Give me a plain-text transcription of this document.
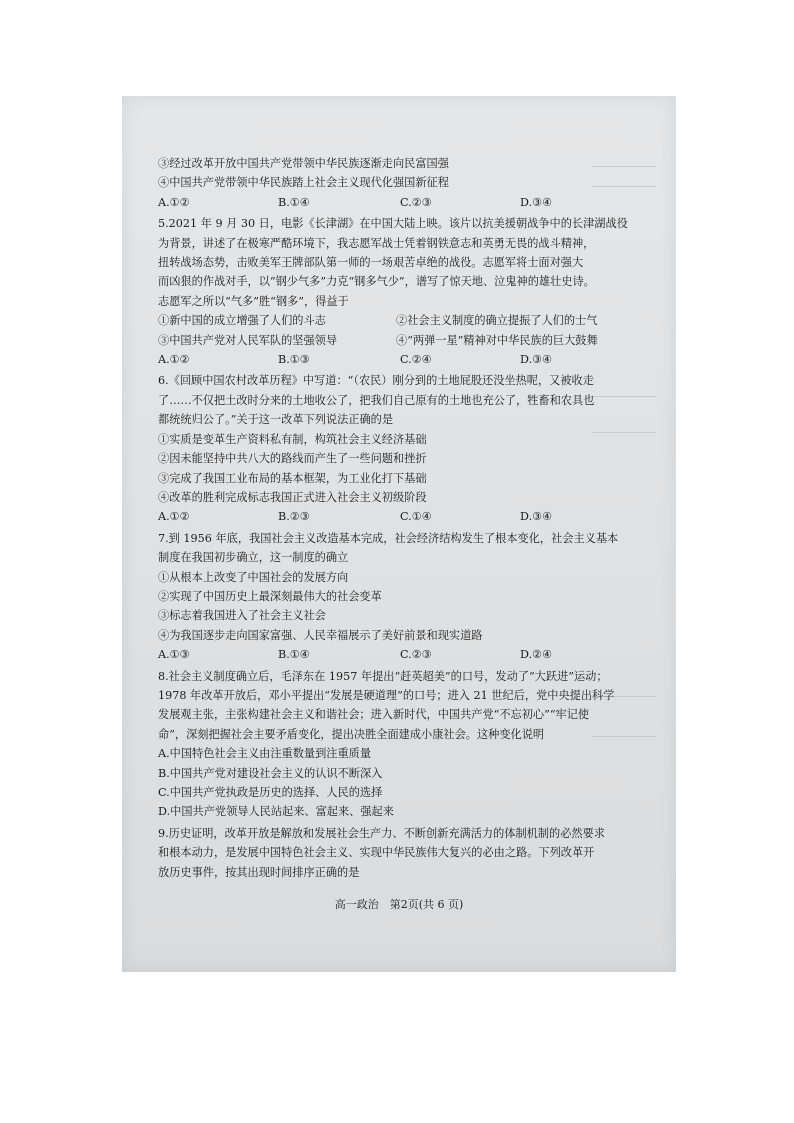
③经过改革开放中国共产党带领中华民族逐渐走向民富国强
④中国共产党带领中华民族踏上社会主义现代化强国新征程
A.①②	B.①④	C.②③	D.③④
5.2021 年 9 月 30 日，电影《长津湖》在中国大陆上映。该片以抗美援朝战争中的长津湖战役
为背景，讲述了在极寒严酷环境下，我志愿军战士凭着钢铁意志和英勇无畏的战斗精神，
扭转战场态势，击败美军王牌部队第一师的一场艰苦卓绝的战役。志愿军将士面对强大
而凶狠的作战对手，以“钢少气多”力克“钢多气少”，谱写了惊天地、泣鬼神的雄壮史诗。
志愿军之所以“气多”胜“钢多”，得益于
①新中国的成立增强了人们的斗志	②社会主义制度的确立提振了人们的士气
③中国共产党对人民军队的坚强领导	④“两弹一星”精神对中华民族的巨大鼓舞
A.①②	B.①③	C.②④	D.③④
6.《回顾中国农村改革历程》中写道：“（农民）刚分到的土地屁股还没坐热呢，又被收走
了……不仅把土改时分来的土地收公了，把我们自己原有的土地也充公了，牲畜和农具也
都统统归公了。”关于这一改革下列说法正确的是
①实质是变革生产资料私有制，构筑社会主义经济基础
②因未能坚持中共八大的路线而产生了一些问题和挫折
③完成了我国工业布局的基本框架，为工业化打下基础
④改革的胜利完成标志我国正式进入社会主义初级阶段
A.①②	B.②③	C.①④	D.③④
7.到 1956 年底，我国社会主义改造基本完成，社会经济结构发生了根本变化，社会主义基本
制度在我国初步确立，这一制度的确立
①从根本上改变了中国社会的发展方向
②实现了中国历史上最深刻最伟大的社会变革
③标志着我国进入了社会主义社会
④为我国逐步走向国家富强、人民幸福展示了美好前景和现实道路
A.①③	B.①④	C.②③	D.②④
8.社会主义制度确立后，毛泽东在 1957 年提出“赶英超美”的口号，发动了“大跃进”运动；
1978 年改革开放后，邓小平提出“发展是硬道理”的口号；进入 21 世纪后，党中央提出科学
发展观主张，主张构建社会主义和谐社会；进入新时代，中国共产党“不忘初心”“牢记使
命”，深刻把握社会主要矛盾变化，提出决胜全面建成小康社会。这种变化说明
A.中国特色社会主义由注重数量到注重质量
B.中国共产党对建设社会主义的认识不断深入
C.中国共产党执政是历史的选择、人民的选择
D.中国共产党领导人民站起来、富起来、强起来
9.历史证明，改革开放是解放和发展社会生产力、不断创新充满活力的体制机制的必然要求
和根本动力，是发展中国特色社会主义、实现中华民族伟大复兴的必由之路。下列改革开
放历史事件，按其出现时间排序正确的是
高一政治　第2页(共 6 页)
